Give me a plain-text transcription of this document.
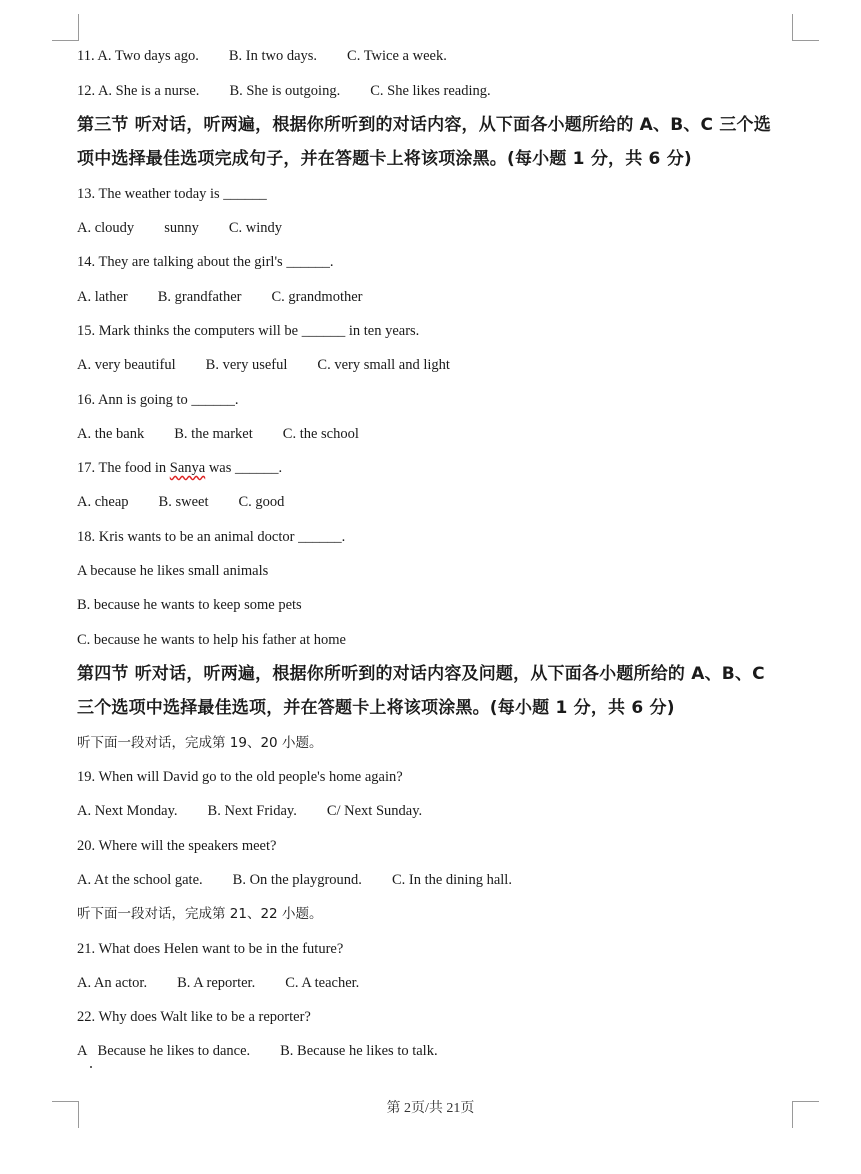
11. A. Two days ago. B. In two days. C. Twice a week.
12. A. She is a nurse. B. She is outgoing. C. She likes reading.
第三节 听对话，听两遍，根据你所听到的对话内容，从下面各小题所给的 A、B、C 三个选
项中选择最佳选项完成句子，并在答题卡上将该项涂黑。(每小题 1 分，共 6 分)
13. The weather today is ______
A. cloudy sunny C. windy
14. They are talking about the girl's ______.
A. lather B. grandfather C. grandmother
15. Mark thinks the computers will be ______ in ten years.
A. very beautiful B. very useful C. very small and light
16. Ann is going to ______.
A. the bank B. the market C. the school
17. The food in Sanya was ______.
A. cheap B. sweet C. good
18. Kris wants to be an animal doctor ______.
A because he likes small animals
B. because he wants to keep some pets
C. because he wants to help his father at home
第四节 听对话，听两遍，根据你所听到的对话内容及问题，从下面各小题所给的 A、B、C
三个选项中选择最佳选项，并在答题卡上将该项涂黑。(每小题 1 分，共 6 分)
听下面一段对话，完成第 19、20 小题。
19. When will David go to the old people's home again?
A. Next Monday. B. Next Friday. C/ Next Sunday.
20. Where will the speakers meet?
A. At the school gate. B. On the playground. C. In the dining hall.
听下面一段对话，完成第 21、22 小题。
21. What does Helen want to be in the future?
A. An actor. B. A reporter. C. A teacher.
22. Why does Walt like to be a reporter?
A   Because he likes to dance. B. Because he likes to talk.
第 2页/共 21页
